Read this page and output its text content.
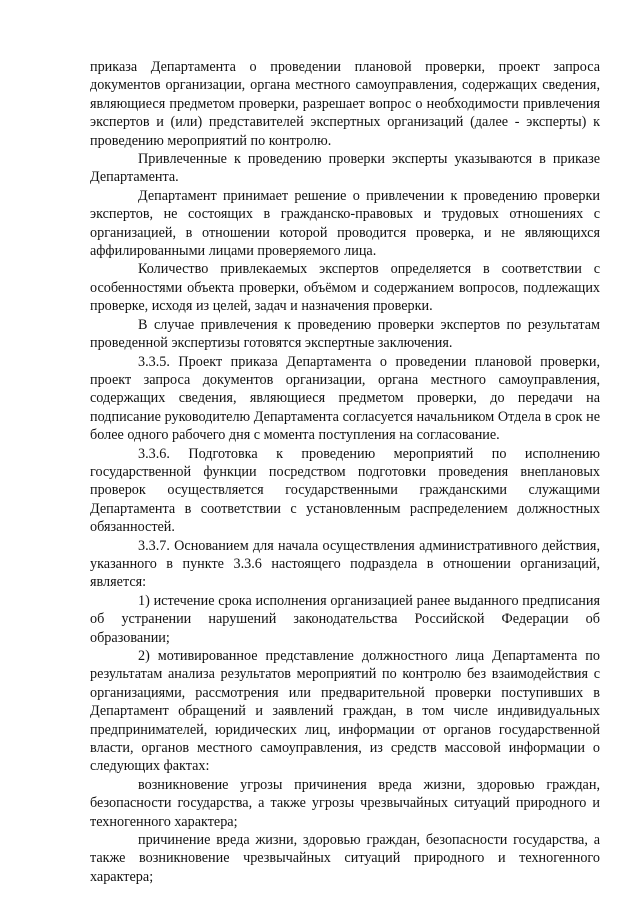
приказа Департамента о проведении плановой проверки, проект запроса документов организации, органа местного самоуправления, содержащих сведения, являющиеся предметом проверки, разрешает вопрос о необходимости привлечения экспертов и (или) представителей экспертных организаций (далее - эксперты) к проведению мероприятий по контролю.

Привлеченные к проведению проверки эксперты указываются в приказе Департамента.

Департамент принимает решение о привлечении к проведению проверки экспертов, не состоящих в гражданско-правовых и трудовых отношениях с организацией, в отношении которой проводится проверка, и не являющихся аффилированными лицами проверяемого лица.

Количество привлекаемых экспертов определяется в соответствии с особенностями объекта проверки, объёмом и содержанием вопросов, подлежащих проверке, исходя из целей, задач и назначения проверки.

В случае привлечения к проведению проверки экспертов по результатам проведенной экспертизы готовятся экспертные заключения.

3.3.5. Проект приказа Департамента о проведении плановой проверки, проект запроса документов организации, органа местного самоуправления, содержащих сведения, являющиеся предметом проверки, до передачи на подписание руководителю Департамента согласуется начальником Отдела в срок не более одного рабочего дня с момента поступления на согласование.

3.3.6. Подготовка к проведению мероприятий по исполнению государственной функции посредством подготовки проведения внеплановых проверок осуществляется государственными гражданскими служащими Департамента в соответствии с установленным распределением должностных обязанностей.

3.3.7. Основанием для начала осуществления административного действия, указанного в пункте 3.3.6 настоящего подраздела в отношении организаций, является:

1) истечение срока исполнения организацией ранее выданного предписания об устранении нарушений законодательства Российской Федерации об образовании;

2) мотивированное представление должностного лица Департамента по результатам анализа результатов мероприятий по контролю без взаимодействия с организациями, рассмотрения или предварительной проверки поступивших в Департамент обращений и заявлений граждан, в том числе индивидуальных предпринимателей, юридических лиц, информации от органов государственной власти, органов местного самоуправления, из средств массовой информации о следующих фактах:

возникновение угрозы причинения вреда жизни, здоровью граждан, безопасности государства, а также угрозы чрезвычайных ситуаций природного и техногенного характера;

причинение вреда жизни, здоровью граждан, безопасности государства, а также возникновение чрезвычайных ситуаций природного и техногенного характера;
